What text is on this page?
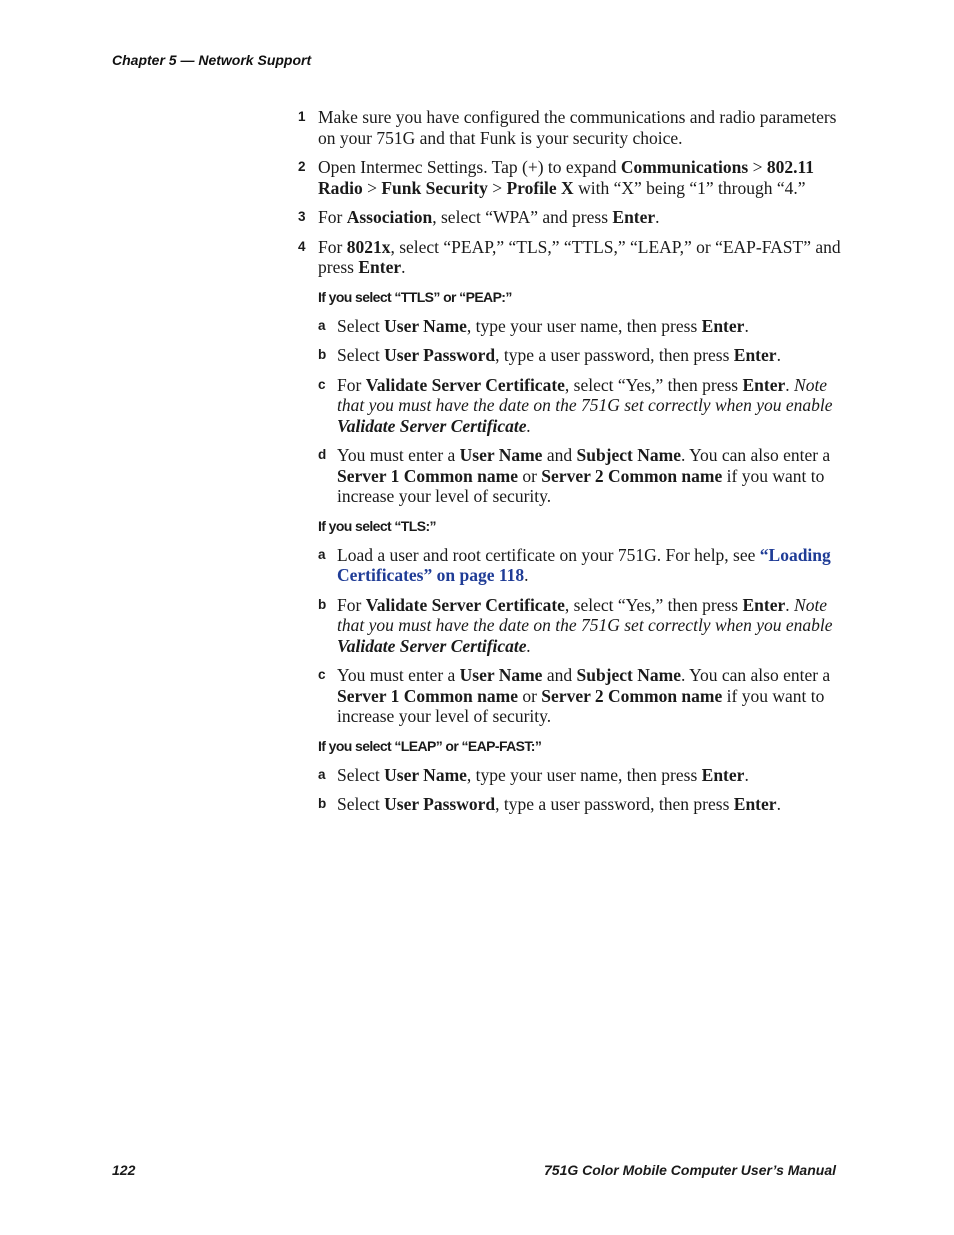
Chapter 5 — Network Support
1 Make sure you have configured the communications and radio parameters on your 751G and that Funk is your security choice.
2 Open Intermec Settings. Tap (+) to expand Communications > 802.11 Radio > Funk Security > Profile X with “X” being “1” through “4.”
3 For Association, select “WPA” and press Enter.
4 For 8021x, select “PEAP,” “TLS,” “TTLS,” “LEAP,” or “EAP-FAST” and press Enter.
If you select “TTLS” or “PEAP:”
a Select User Name, type your user name, then press Enter.
b Select User Password, type a user password, then press Enter.
c For Validate Server Certificate, select “Yes,” then press Enter. Note that you must have the date on the 751G set correctly when you enable Validate Server Certificate.
d You must enter a User Name and Subject Name. You can also enter a Server 1 Common name or Server 2 Common name if you want to increase your level of security.
If you select “TLS:”
a Load a user and root certificate on your 751G. For help, see “Loading Certificates” on page 118.
b For Validate Server Certificate, select “Yes,” then press Enter. Note that you must have the date on the 751G set correctly when you enable Validate Server Certificate.
c You must enter a User Name and Subject Name. You can also enter a Server 1 Common name or Server 2 Common name if you want to increase your level of security.
If you select “LEAP” or “EAP-FAST:”
a Select User Name, type your user name, then press Enter.
b Select User Password, type a user password, then press Enter.
122	751G Color Mobile Computer User’s Manual
